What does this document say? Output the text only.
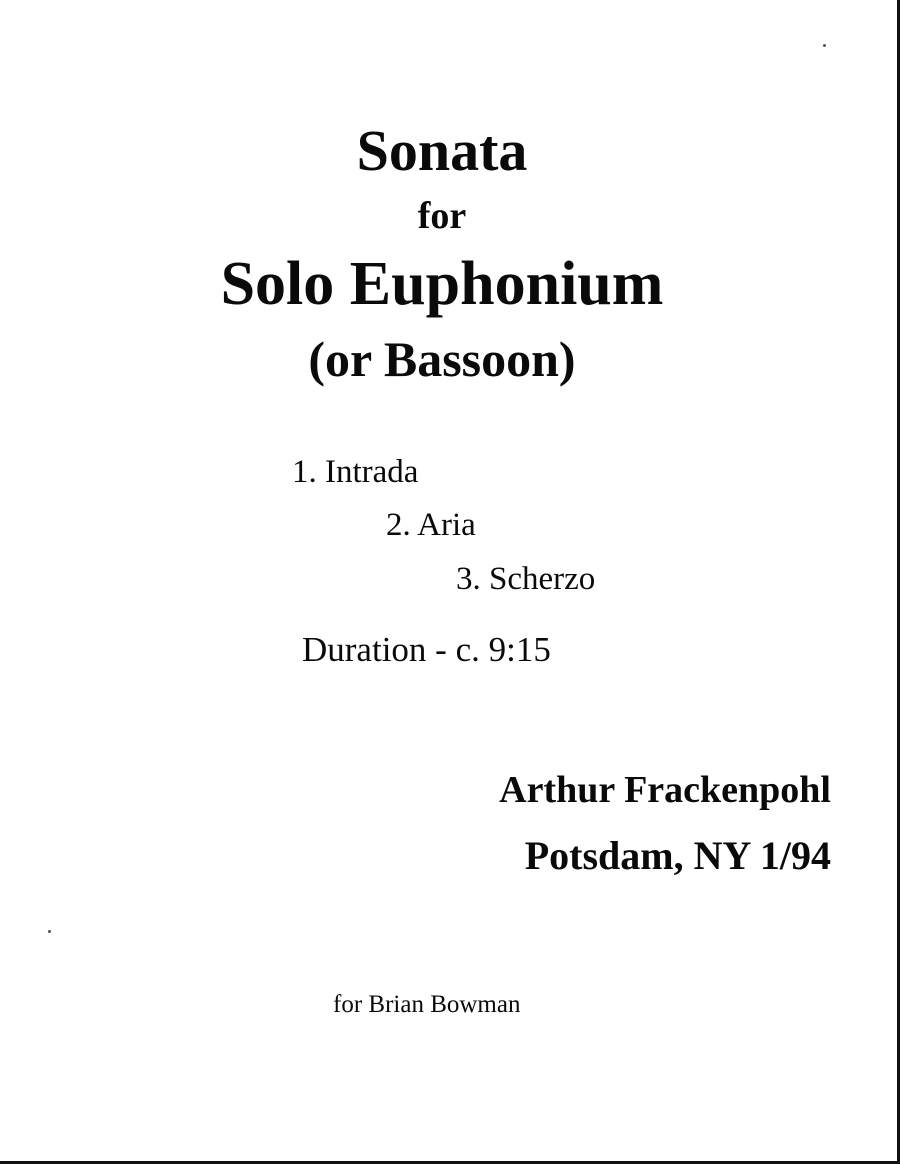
Sonata
for
Solo Euphonium
(or Bassoon)
1. Intrada
2. Aria
3. Scherzo
Duration - c. 9:15
Arthur Frackenpohl
Potsdam, NY 1/94
for Brian Bowman
